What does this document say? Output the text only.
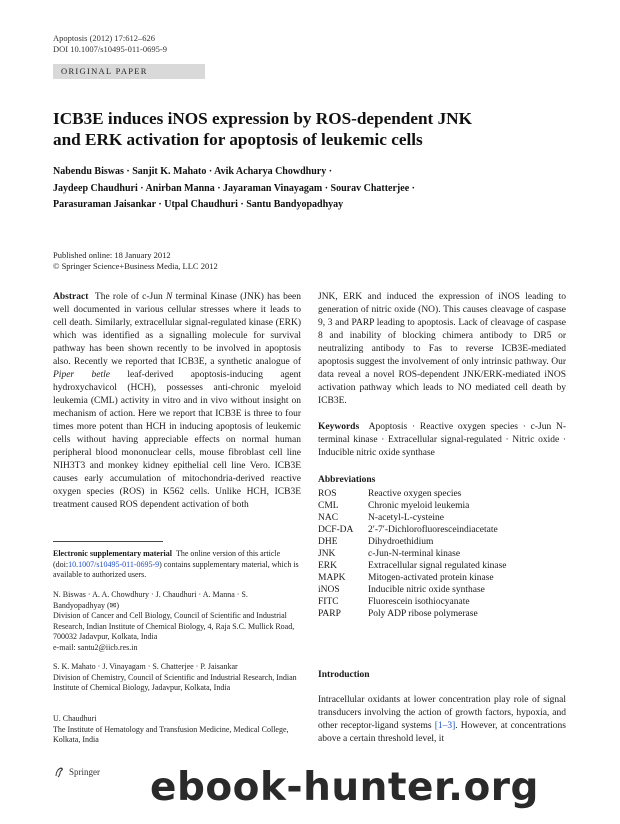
Apoptosis (2012) 17:612–626
DOI 10.1007/s10495-011-0695-9
ORIGINAL PAPER
ICB3E induces iNOS expression by ROS-dependent JNK
and ERK activation for apoptosis of leukemic cells
Nabendu Biswas · Sanjit K. Mahato · Avik Acharya Chowdhury ·
Jaydeep Chaudhuri · Anirban Manna · Jayaraman Vinayagam · Sourav Chatterjee ·
Parasuraman Jaisankar · Utpal Chaudhuri · Santu Bandyopadhyay
Published online: 18 January 2012
© Springer Science+Business Media, LLC 2012
Abstract The role of c-Jun N terminal Kinase (JNK) has been well documented in various cellular stresses where it leads to cell death. Similarly, extracellular signal-regulated kinase (ERK) which was identified as a signalling molecule for survival pathway has been shown recently to be involved in apoptosis also. Recently we reported that ICB3E, a synthetic analogue of Piper betle leaf-derived apoptosis-inducing agent hydroxychavicol (HCH), possesses anti-chronic myeloid leukemia (CML) activity in vitro and in vivo without insight on mechanism of action. Here we report that ICB3E is three to four times more potent than HCH in inducing apoptosis of leukemic cells without having appreciable effects on normal human peripheral blood mononuclear cells, mouse fibroblast cell line NIH3T3 and monkey kidney epithelial cell line Vero. ICB3E causes early accumulation of mitochondria-derived reactive oxygen species (ROS) in K562 cells. Unlike HCH, ICB3E treatment caused ROS dependent activation of both
JNK, ERK and induced the expression of iNOS leading to generation of nitric oxide (NO). This causes cleavage of caspase 9, 3 and PARP leading to apoptosis. Lack of cleavage of caspase 8 and inability of blocking chimera antibody to DR5 or neutralizing antibody to Fas to reverse ICB3E-mediated apoptosis suggest the involvement of only intrinsic pathway. Our data reveal a novel ROS-dependent JNK/ERK-mediated iNOS activation pathway which leads to NO mediated cell death by ICB3E.
Keywords Apoptosis · Reactive oxygen species · c-Jun N-terminal kinase · Extracellular signal-regulated · Nitric oxide · Inducible nitric oxide synthase
Abbreviations
ROS	Reactive oxygen species
CML	Chronic myeloid leukemia
NAC	N-acetyl-L-cysteine
DCF-DA	2′-7′-Dichlorofluoresceindiacetate
DHE	Dihydroethidium
JNK	c-Jun-N-terminal kinase
ERK	Extracellular signal regulated kinase
MAPK	Mitogen-activated protein kinase
iNOS	Inducible nitric oxide synthase
FITC	Fluorescein isothiocyanate
PARP	Poly ADP ribose polymerase
Introduction
Intracellular oxidants at lower concentration play role of signal transducers involving the action of growth factors, hypoxia, and other receptor-ligand systems [1–3]. However, at concentrations above a certain threshold level, it
Electronic supplementary material The online version of this article (doi:10.1007/s10495-011-0695-9) contains supplementary material, which is available to authorized users.
N. Biswas · A. A. Chowdhury · J. Chaudhuri · A. Manna · S. Bandyopadhyay (✉)
Division of Cancer and Cell Biology, Council of Scientific and Industrial Research, Indian Institute of Chemical Biology, 4, Raja S.C. Mullick Road, 700032 Jadavpur, Kolkata, India
e-mail: santu2@iicb.res.in
S. K. Mahato · J. Vinayagam · S. Chatterjee · P. Jaisankar
Division of Chemistry, Council of Scientific and Industrial Research, Indian Institute of Chemical Biology, Jadavpur, Kolkata, India
U. Chaudhuri
The Institute of Hematology and Transfusion Medicine, Medical College, Kolkata, India
Springer ebook-hunter.org
